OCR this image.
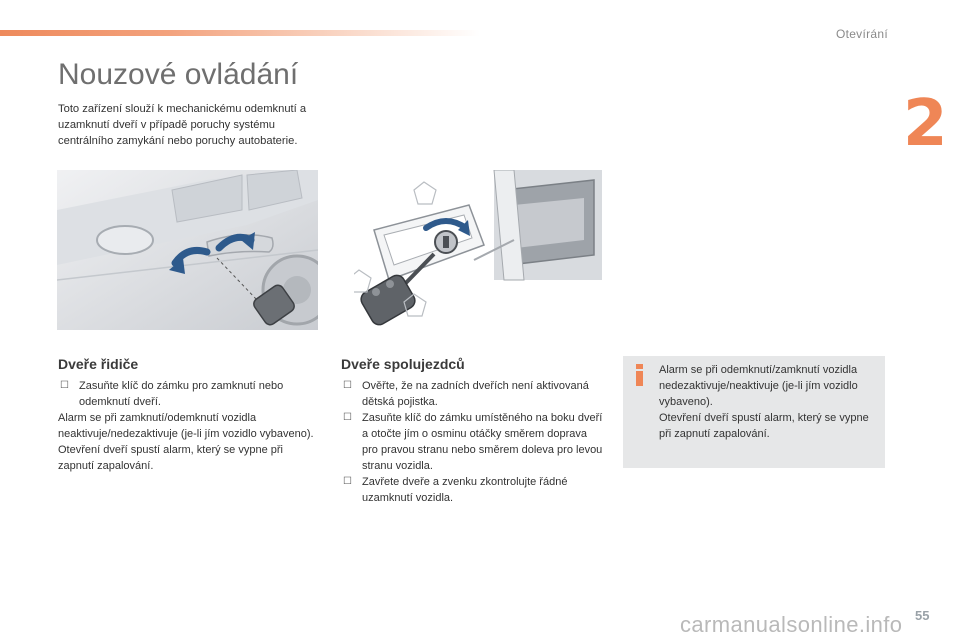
Otevírání
2
Nouzové ovládání
Toto zařízení slouží k mechanickému odemknutí a uzamknutí dveří v případě poruchy systému centrálního zamykání nebo poruchy autobaterie.
Dveře řidiče
☐ Zasuňte klíč do zámku pro zamknutí nebo odemknutí dveří.

Alarm se při zamknutí/odemknutí vozidla neaktivuje/nedezaktivuje (je-li jím vozidlo vybaveno).

Otevření dveří spustí alarm, který se vypne při zapnutí zapalování.

Dveře spolujezdců
☐ Ověřte, že na zadních dveřích není aktivovaná dětská pojistka.
☐ Zasuňte klíč do zámku umístěného na boku dveří a otočte jím o osminu otáčky směrem doprava pro pravou stranu nebo směrem doleva pro levou stranu vozidla.
☐ Zavřete dveře a zvenku zkontrolujte řádné uzamknutí vozidla.
Alarm se při odemknutí/zamknutí vozidla nedezaktivuje/neaktivuje (je-li jím vozidlo vybaveno).
Otevření dveří spustí alarm, který se vypne při zapnutí zapalování.
carmanualsonline.info 55
